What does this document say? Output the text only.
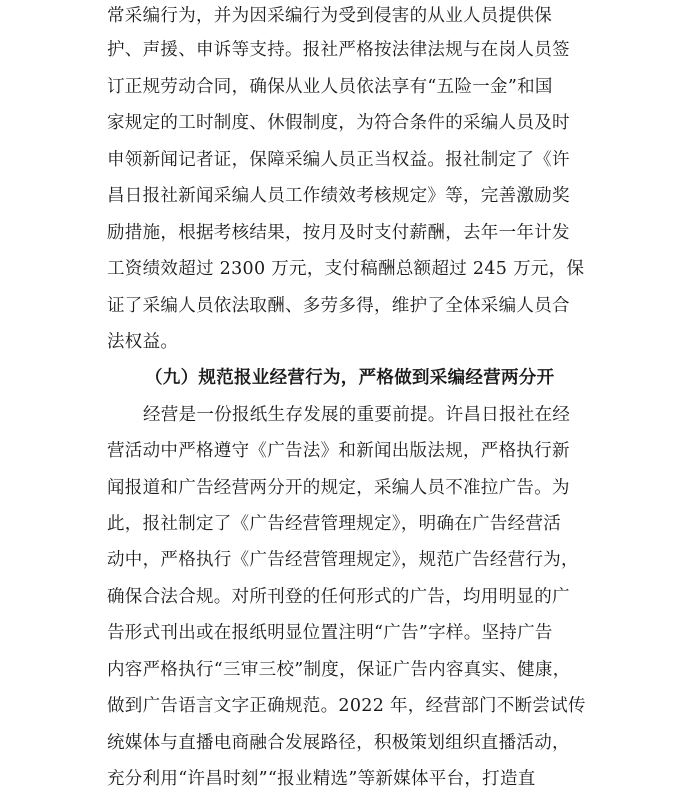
常采编行为，并为因采编行为受到侵害的从业人员提供保
护、声援、申诉等支持。报社严格按法律法规与在岗人员签
订正规劳动合同，确保从业人员依法享有“五险一金”和国
家规定的工时制度、休假制度，为符合条件的采编人员及时
申领新闻记者证，保障采编人员正当权益。报社制定了《许
昌日报社新闻采编人员工作绩效考核规定》等，完善激励奖
励措施，根据考核结果，按月及时支付薪酬，去年一年计发
工资绩效超过 2300 万元，支付稿酬总额超过 245 万元，保
证了采编人员依法取酬、多劳多得，维护了全体采编人员合
法权益。
（九）规范报业经营行为，严格做到采编经营两分开
经营是一份报纸生存发展的重要前提。许昌日报社在经
营活动中严格遵守《广告法》和新闻出版法规，严格执行新
闻报道和广告经营两分开的规定，采编人员不准拉广告。为
此，报社制定了《广告经营管理规定》，明确在广告经营活
动中，严格执行《广告经营管理规定》，规范广告经营行为，
确保合法合规。对所刊登的任何形式的广告，均用明显的广
告形式刊出或在报纸明显位置注明“广告”字样。坚持广告
内容严格执行“三审三校”制度，保证广告内容真实、健康，
做到广告语言文字正确规范。2022 年，经营部门不断尝试传
统媒体与直播电商融合发展路径，积极策划组织直播活动，
充分利用“许昌时刻”“报业精选”等新媒体平台，打造直
